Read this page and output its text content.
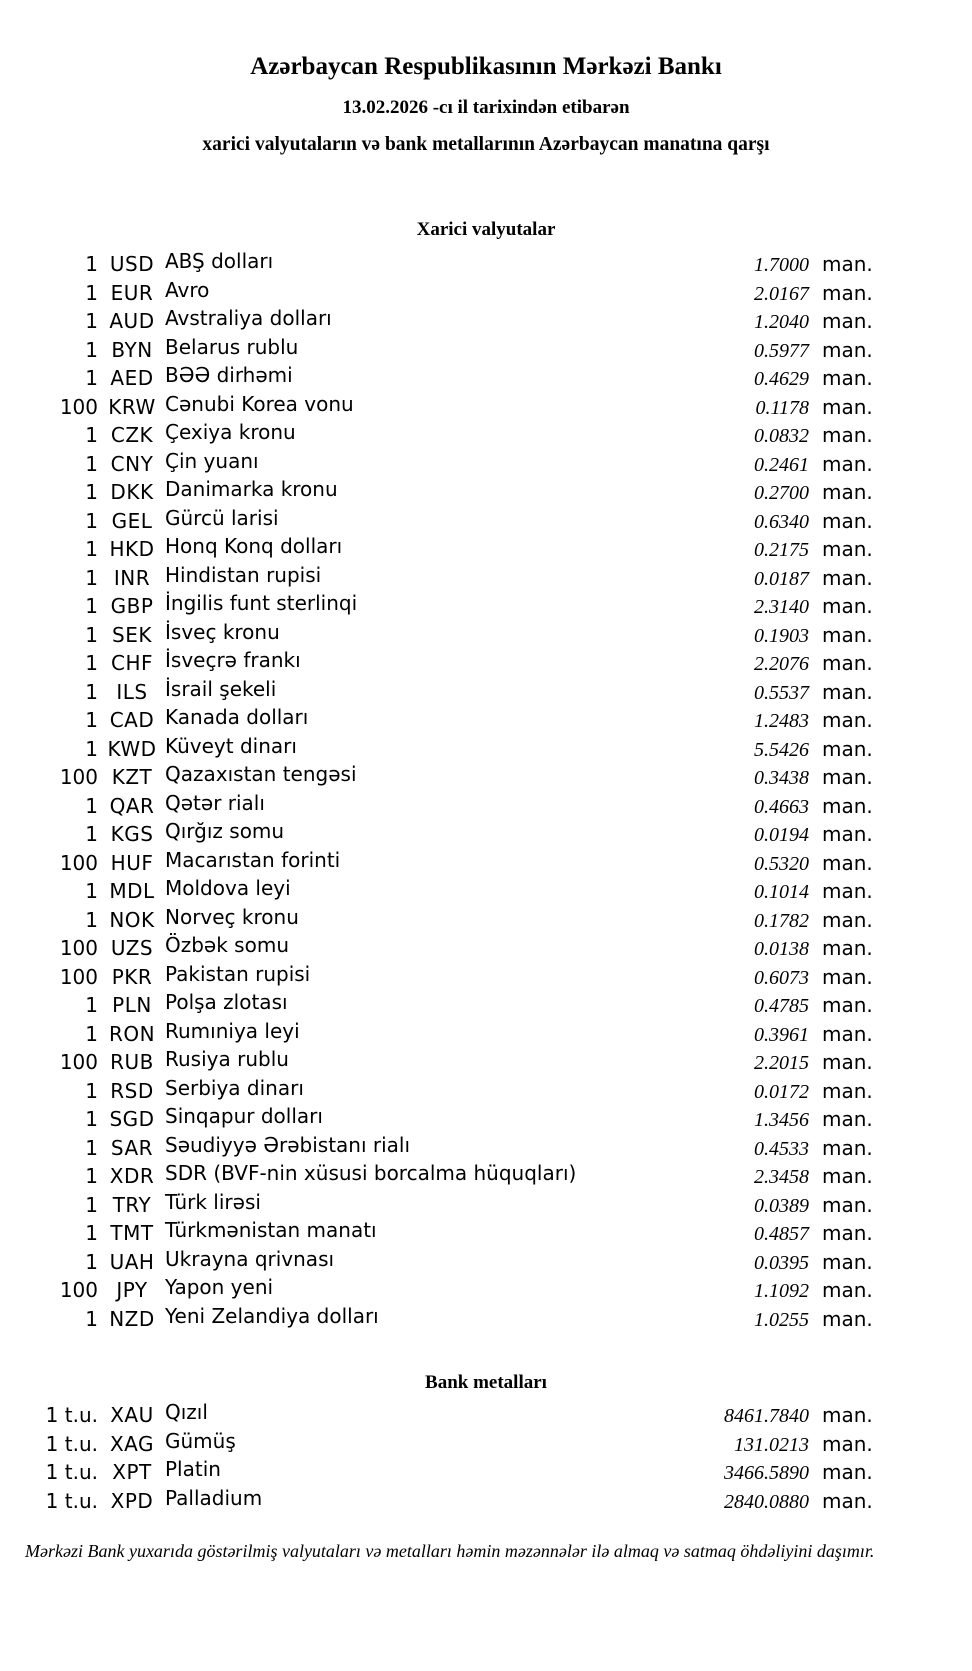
Azərbaycan Respublikasının Mərkəzi Bankı
13.02.2026 -cı il tarixindən etibarən
xarici valyutaların və bank metallarının Azərbaycan manatına qarşı
Xarici valyutalar
1 USD ABŞ dolları	1.7000 man.
1 EUR Avro	2.0167 man.
1 AUD Avstraliya dolları	1.2040 man.
1 BYN Belarus rublu	0.5977 man.
1 AED BƏƏ dirhəmi	0.4629 man.
100 KRW Cənubi Korea vonu	0.1178 man.
1 CZK Çexiya kronu	0.0832 man.
1 CNY Çin yuanı	0.2461 man.
1 DKK Danimarka kronu	0.2700 man.
1 GEL Gürcü larisi	0.6340 man.
1 HKD Honq Konq dolları	0.2175 man.
1 INR Hindistan rupisi	0.0187 man.
1 GBP İngilis funt sterlinqi	2.3140 man.
1 SEK İsveç kronu	0.1903 man.
1 CHF İsveçrə frankı	2.2076 man.
1 ILS İsrail şekeli	0.5537 man.
1 CAD Kanada dolları	1.2483 man.
1 KWD Küveyt dinarı	5.5426 man.
100 KZT Qazaxıstan tengəsi	0.3438 man.
1 QAR Qətər rialı	0.4663 man.
1 KGS Qırğız somu	0.0194 man.
100 HUF Macarıstan forinti	0.5320 man.
1 MDL Moldova leyi	0.1014 man.
1 NOK Norveç kronu	0.1782 man.
100 UZS Özbək somu	0.0138 man.
100 PKR Pakistan rupisi	0.6073 man.
1 PLN Polşa zlotası	0.4785 man.
1 RON Rumıniya leyi	0.3961 man.
100 RUB Rusiya rublu	2.2015 man.
1 RSD Serbiya dinarı	0.0172 man.
1 SGD Sinqapur dolları	1.3456 man.
1 SAR Səudiyyə Ərəbistanı rialı	0.4533 man.
1 XDR SDR (BVF-nin xüsusi borcalma hüquqları)	2.3458 man.
1 TRY Türk lirəsi	0.0389 man.
1 TMT Türkmənistan manatı	0.4857 man.
1 UAH Ukrayna qrivnası	0.0395 man.
100 JPY Yapon yeni	1.1092 man.
1 NZD Yeni Zelandiya dolları	1.0255 man.
Bank metalları
1 t.u. XAU Qızıl	8461.7840 man.
1 t.u. XAG Gümüş	131.0213 man.
1 t.u. XPT Platin	3466.5890 man.
1 t.u. XPD Palladium	2840.0880 man.
Mərkəzi Bank yuxarıda göstərilmiş valyutaları və metalları həmin məzənnələr ilə almaq və satmaq öhdəliyini daşımır.
